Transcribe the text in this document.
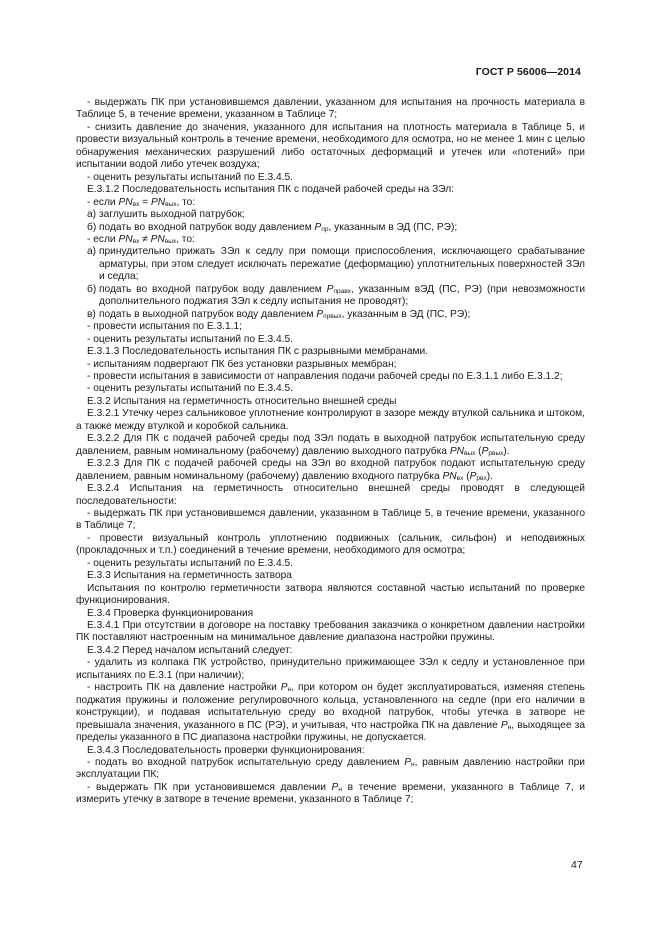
ГОСТ Р 56006—2014

- выдержать ПК при установившемся давлении, указанном для испытания на прочность материала в Таблице 5, в течение времени, указанном в Таблице 7;

- снизить давление до значения, указанного для испытания на плотность материала в Таблице 5, и провести визуальный контроль в течение времени, необходимого для осмотра, но не менее 1 мин с целью обнаружения механических разрушений либо остаточных деформаций и утечек или «потений» при испытании водой либо утечек воздуха;

- оценить результаты испытаний по Е.3.4.5.

Е.3.1.2 Последовательность испытания ПК с подачей рабочей среды на ЗЭл:

- если $PN_{вх} = PN_{вых}$, то:

а) заглушить выходной патрубок;

б) подать во входной патрубок воду давлением $P_{пр}$, указанным в ЭД (ПС, РЭ);

- если $PN_{вх} \ne PN_{вых}$, то:

а) принудительно прижать ЗЭл к седлу при помощи приспособления, исключающего срабатывание арматуры, при этом следует исключать пережатие (деформацию) уплотнительных поверхностей ЗЭл и седла;

б) подать во входной патрубок воду давлением $P_{правх}$, указанным вЭД (ПС, РЭ) (при невозможности дополнительного поджатия ЗЭл к седлу испытания не проводят);

в) подать в выходной патрубок воду давлением $P_{првых}$, указанным в ЭД (ПС, РЭ);

- провести испытания по Е.3.1.1;

- оценить результаты испытаний по Е.3.4.5.

Е.3.1.3 Последовательность испытания ПК с разрывными мембранами.

- испытаниям подвергают ПК без установки разрывных мембран;

- провести испытания в зависимости от направления подачи рабочей среды по Е.3.1.1 либо Е.3.1.2;

- оценить результаты испытаний по Е.3.4.5.

Е.3.2 Испытания на герметичность относительно внешней среды

Е.3.2.1 Утечку через сальниковое уплотнение контролируют в зазоре между втулкой сальника и штоком, а также между втулкой и коробкой сальника.

Е.3.2.2 Для ПК с подачей рабочей среды под ЗЭл подать в выходной патрубок испытательную среду давлением, равным номинальному (рабочему) давлению выходного патрубка $PN_{вых}$ $(P_{рвых})$.

Е.3.2.3 Для ПК с подачей рабочей среды на ЗЭл во входной патрубок подают испытательную среду давлением, равным номинальному (рабочему) давлению входного патрубка $PN_{вх}$ $(P_{рвх})$.

Е.3.2.4 Испытания на герметичность относительно внешней среды проводят в следующей последовательности:

- выдержать ПК при установившемся давлении, указанном в Таблице 5, в течение времени, указанного в Таблице 7;

- провести визуальный контроль уплотнению подвижных (сальник, сильфон) и неподвижных (прокладочных и т.п.) соединений в течение времени, необходимого для осмотра;

- оценить результаты испытаний по Е.3.4.5.

Е.3.3 Испытания на герметичность затвора

Испытания по контролю герметичности затвора являются составной частью испытаний по проверке функционирования.

Е.3.4 Проверка функционирования

Е.3.4.1 При отсутствии в договоре на поставку требования заказчика о конкретном давлении настройки ПК поставляют настроенным на минимальное давление диапазона настройки пружины.

Е.3.4.2 Перед началом испытаний следует:

- удалить из колпака ПК устройство, принудительно прижимающее ЗЭл к седлу и установленное при испытаниях по Е.3.1 (при наличии);

- настроить ПК на давление настройки $P_н$, при котором он будет эксплуатироваться, изменяя степень поджатия пружины и положение регулировочного кольца, установленного на седле (при его наличии в конструкции), и подавая испытательную среду во входной патрубок, чтобы утечка в затворе не превышала значения, указанного в ПС (РЭ), и учитывая, что настройка ПК на давление $P_н$, выходящее за пределы указанного в ПС диапазона настройки пружины, не допускается.

Е.3.4.3 Последовательность проверки функционирования:

- подать во входной патрубок испытательную среду давлением $P_н$, равным давлению настройки при эксплуатации ПК;

- выдержать ПК при установившемся давлении $P_н$ в течение времени, указанного в Таблице 7, и измерить утечку в затворе в течение времени, указанного в Таблице 7;

47
